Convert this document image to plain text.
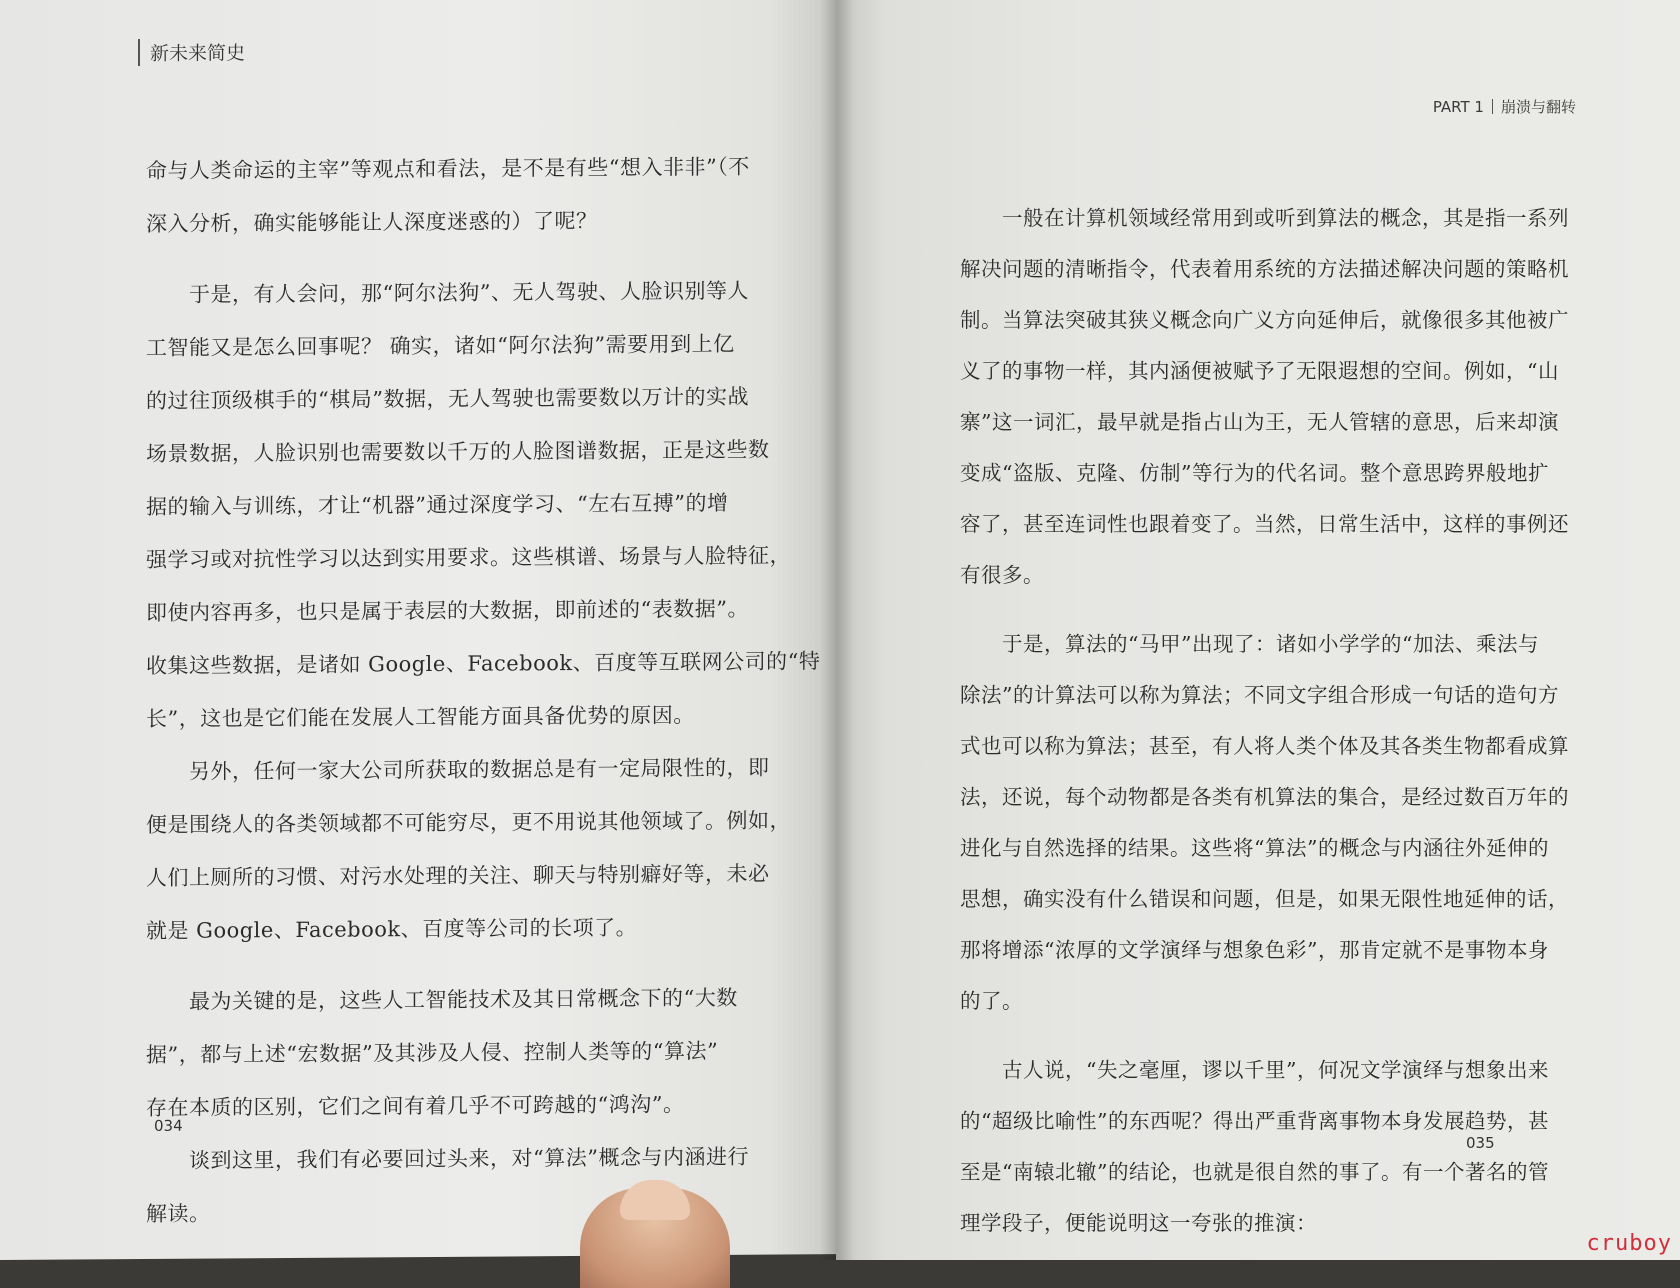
新未来简史
命与人类命运的主宰”等观点和看法，是不是有些“想入非非”（不
深入分析，确实能够能让人深度迷惑的）了呢？
　　于是，有人会问，那“阿尔法狗”、无人驾驶、人脸识别等人
工智能又是怎么回事呢？ 确实，诸如“阿尔法狗”需要用到上亿
的过往顶级棋手的“棋局”数据，无人驾驶也需要数以万计的实战
场景数据，人脸识别也需要数以千万的人脸图谱数据，正是这些数
据的输入与训练，才让“机器”通过深度学习、“左右互搏”的增
强学习或对抗性学习以达到实用要求。这些棋谱、场景与人脸特征，
即使内容再多，也只是属于表层的大数据，即前述的“表数据”。
收集这些数据，是诸如 Google、Facebook、百度等互联网公司的“特
长”，这也是它们能在发展人工智能方面具备优势的原因。
　　另外，任何一家大公司所获取的数据总是有一定局限性的，即
便是围绕人的各类领域都不可能穷尽，更不用说其他领域了。例如，
人们上厕所的习惯、对污水处理的关注、聊天与特别癖好等，未必
就是 Google、Facebook、百度等公司的长项了。
　　最为关键的是，这些人工智能技术及其日常概念下的“大数
据”，都与上述“宏数据”及其涉及人侵、控制人类等的“算法”
存在本质的区别，它们之间有着几乎不可跨越的“鸿沟”。
　　谈到这里，我们有必要回过头来，对“算法”概念与内涵进行
解读。
034
PART 1 崩溃与翻转
　　一般在计算机领域经常用到或听到算法的概念，其是指一系列
解决问题的清晰指令，代表着用系统的方法描述解决问题的策略机
制。当算法突破其狭义概念向广义方向延伸后，就像很多其他被广
义了的事物一样，其内涵便被赋予了无限遐想的空间。例如，“山
寨”这一词汇，最早就是指占山为王，无人管辖的意思，后来却演
变成“盗版、克隆、仿制”等行为的代名词。整个意思跨界般地扩
容了，甚至连词性也跟着变了。当然，日常生活中，这样的事例还
有很多。
　　于是，算法的“马甲”出现了：诸如小学学的“加法、乘法与
除法”的计算法可以称为算法；不同文字组合形成一句话的造句方
式也可以称为算法；甚至，有人将人类个体及其各类生物都看成算
法，还说，每个动物都是各类有机算法的集合，是经过数百万年的
进化与自然选择的结果。这些将“算法”的概念与内涵往外延伸的
思想，确实没有什么错误和问题，但是，如果无限性地延伸的话，
那将增添“浓厚的文学演绎与想象色彩”，那肯定就不是事物本身
的了。
　　古人说，“失之毫厘，谬以千里”，何况文学演绎与想象出来
的“超级比喻性”的东西呢？得出严重背离事物本身发展趋势，甚
至是“南辕北辙”的结论，也就是很自然的事了。有一个著名的管
理学段子，便能说明这一夸张的推演：
035
cruboy
